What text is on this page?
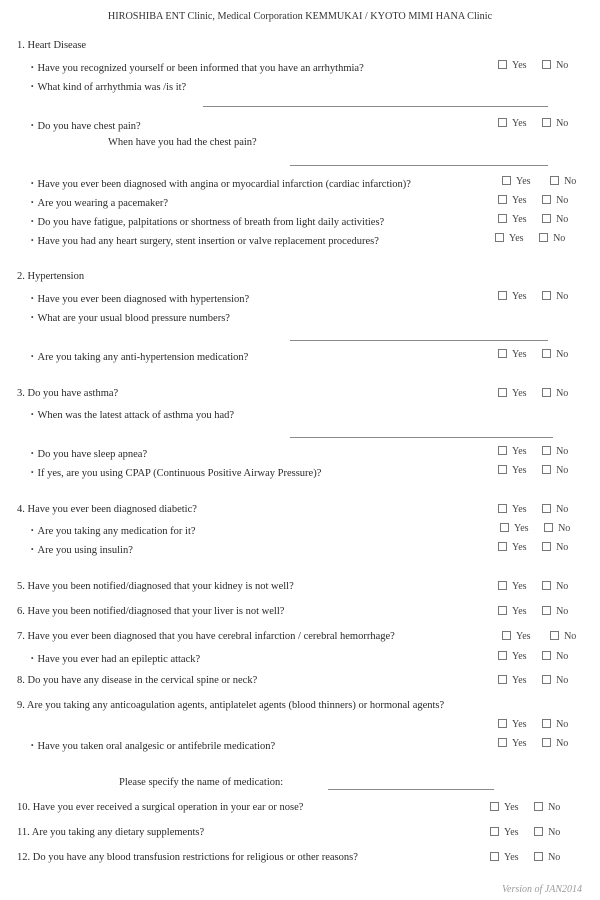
HIROSHIBA ENT Clinic, Medical Corporation KEMMUKAI / KYOTO MIMI HANA Clinic
1. Heart Disease
・Have you recognized yourself or been informed that you have an arrhythmia?	Yes	No
・What kind of arrhythmia was /is it?
・Do you have chest pain?	Yes	No
When have you had the chest pain?
・Have you ever been diagnosed with angina or myocardial infarction (cardiac infarction)?	Yes	No
・Are you wearing a pacemaker?	Yes	No
・Do you have fatigue, palpitations or shortness of breath from light daily activities?	Yes	No
・Have you had any heart surgery, stent insertion or valve replacement procedures?	Yes	No
2. Hypertension
・Have you ever been diagnosed with hypertension?	Yes	No
・What are your usual blood pressure numbers?
・Are you taking any anti-hypertension medication?	Yes	No
3. Do you have asthma?	Yes	No
・When was the latest attack of asthma you had?
・Do you have sleep apnea?	Yes	No
・If yes, are you using CPAP (Continuous Positive Airway Pressure)?	Yes	No
4. Have you ever been diagnosed diabetic?	Yes	No
・Are you taking any medication for it?	Yes	No
・Are you using insulin?	Yes	No
5. Have you been notified/diagnosed that your kidney is not well?	Yes	No
6. Have you been notified/diagnosed that your liver is not well?	Yes	No
7. Have you ever been diagnosed that you have cerebral infarction / cerebral hemorrhage?	Yes	No
・Have you ever had an epileptic attack?	Yes	No
8. Do you have any disease in the cervical spine or neck?	Yes	No
9. Are you taking any anticoagulation agents, antiplatelet agents (blood thinners) or hormonal agents?
Yes	No
・Have you taken oral analgesic or antifebrile medication?	Yes	No
Please specify the name of medication:
10. Have you ever received a surgical operation in your ear or nose?	Yes	No
11. Are you taking any dietary supplements?	Yes	No
12. Do you have any blood transfusion restrictions for religious or other reasons?	Yes	No
Version of JAN2014
